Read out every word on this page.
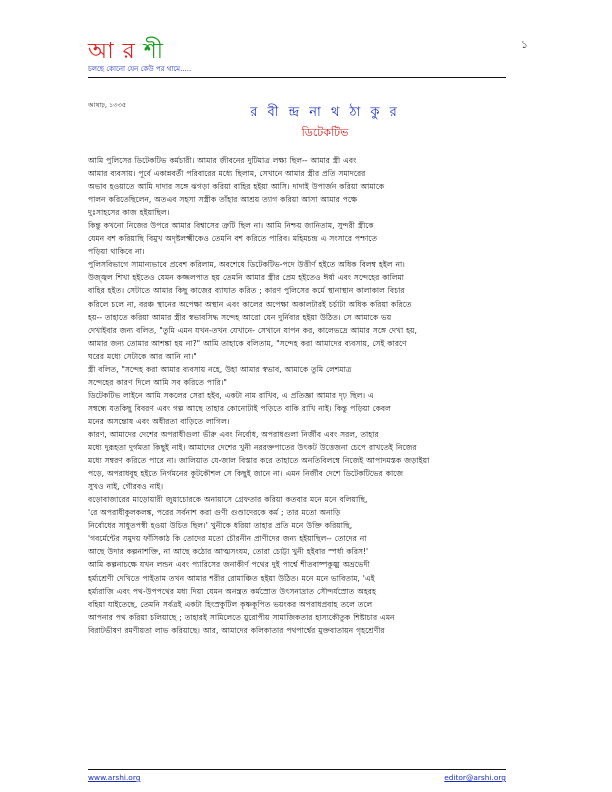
আ র শী
চলছে কোনো যেন কেউ পর থামে.....
১
আষাঢ়, ১৩৩৫	র বী ন্দ্র না থ ঠা কু র
ডিটেকটিভ

আমি পুলিসের ডিটেকটিভ কর্মচারী। আমার জীবনের দুটিমাত্র লক্ষ্য ছিল-- আমার স্ত্রী এবং
আমার ব্যবসায়। পূর্বে একান্নবর্তী পরিবারের মধ্যে ছিলাম, সেখানে আমার স্ত্রীর প্রতি সমাদরের
অভাব হওয়াতে আমি দাদার সঙ্গে ঝগড়া করিয়া বাহির হইয়া আসি। দাদাই উপার্জন করিয়া আমাকে
পালন করিতেছিলেন, অতএব সহসা সস্ত্রীক তাঁহার আশ্রয় ত্যাগ করিয়া আসা আমার পক্ষে
দুঃসাহসের কাজ হইয়াছিল।

কিন্তু কখনো নিজের উপরে আমার বিশ্বাসের ত্রুটি ছিল না। আমি নিশ্চয় জানিতাম, সুন্দরী স্ত্রীকে
যেমন বশ করিয়াছি বিমুখ অদৃষ্টলক্ষ্মীকেও তেমনি বশ করিতে পারিব। মহিমচন্দ্র এ সংসারে পশ্চাতে
পড়িয়া থাকিবে না।

পুলিসবিভাগে সামান্যভাবে প্রবেশ করিলাম, অবশেষে ডিটেকটিভ-পদে উত্তীর্ণ হইতে অধিক বিলম্ব হইল না।
উজ্জ্বল শিখা হইতেও যেমন কজ্জলপাত হয় তেমনি আমার স্ত্রীর প্রেম হইতেও ঈর্ষা এবং সন্দেহের কালিমা
বাহির হইত। সেটাতে আমার কিছু কাজের ব্যাঘাত করিত ; কারণ পুলিসের কর্মে স্থানাস্থান কালাকাল বিচার
করিলে চলে না, বরঞ্চ স্থানের অপেক্ষা অস্থান এবং কালের অপেক্ষা অকালটারই চর্চাটা অধিক করিয়া করিতে
হয়-- তাহাতে করিয়া আমার স্ত্রীর স্বভাবসিদ্ধ সন্দেহ আরো যেন দুর্নিবার হইয়া উঠিত। সে আমাকে ভয়
দেখাইবার জন্য বলিত, "তুমি এমন যখন-তখন যেখানে- সেখানে যাপন কর, কালেভদ্রে আমার সঙ্গে দেখা হয়,
আমার জন্য তোমার আশঙ্কা হয় না?" আমি তাহাকে বলিতাম, "সন্দেহ করা আমাদের ব্যবসায়, সেই কারণে
ঘরের মধ্যে সেটাকে আর আনি না।"

স্ত্রী বলিত, "সন্দেহ করা আমার ব্যবসায় নহে, উহা আমার স্বভাব, আমাকে তুমি লেশমাত্র
সন্দেহের কারণ দিলে আমি সব করিতে পারি।"

ডিটেকটিভ লাইনে আমি সকলের সেরা হইব, একটা নাম রাখিব, এ প্রতিজ্ঞা আমার দৃঢ় ছিল। এ
সম্বন্ধে যতকিছু বিবরণ এবং গল্প আছে তাহার কোনোটাই পড়িতে বাকি রাখি নাই। কিন্তু পড়িয়া কেবল
মনের অসন্তোষ এবং অধীরতা বাড়িতে লাগিল।

কারণ, আমাদের দেশের অপরাধীগুলা ভীরু এবং নির্বোধ, অপরাধগুলা নির্জীব এবং সরল, তাহার
মধ্যে দুরূহতা দুর্গমতা কিছুই নাই। আমাদের দেশের খুনী নররক্তপাতের উৎকট উত্তেজনা চেপে রাখতেই নিজের
মধ্যে সম্বরণ করিতে পারে না। জালিয়াত যে-জাল বিস্তার করে তাহাতে অনতিবিলম্বে নিজেই আপাদমস্তক জড়াইয়া
পড়ে, অপরাধবূহ হইতে নির্গমনের কূটকৌশল সে কিছুই জানে না। এমন নির্জীব দেশে ডিটেকটিভের কাজে
সুখও নাই, গৌরবও নাই।

বড়োবাজারের মাড়োয়ারী জুয়াচোরকে অনায়াসে গ্রেফতার করিয়া কতবার মনে মনে বলিয়াছি,
'রে অপরাধীকুলকলঙ্ক, পরের সর্বনাশ করা গুণী গুণ্ডাদেরকে কর্ম ; তার মতো অনাড়ি
নির্বোধের সাধুতপস্বী হওয়া উচিত ছিল।' খুনীকে ধরিয়া তাহার প্রতি মনে উক্তি করিয়াছি,
'গবর্মেন্টের সমুদয় ফাঁসিকাঠ কি তোদের মতো চৌরনীন প্রাণীদের জন্য হইয়াছিল-- তোদের না
আছে উদার কল্পনাশক্তি, না আছে কঠোর আত্মসংযম, তোরা চোট্টা খুনী হইবার স্পর্ধা করিস!'

আমি কল্পনাচক্ষে যখন লন্ডন এবং প্যারিসের জনাকীর্ণ পথের দুই পার্শ্বে শীতবাষ্পকুজ্ঝ অভ্রভেদী
হর্ম্যশ্রেণী দেখিতে পাইতাম তখন আমার শরীর রোমাঞ্চিত হইয়া উঠিত। মনে মনে ভাবিতাম, 'এই
হর্ম্যরাজি এবং পথ-উপপথের মধ্য দিয়া যেমন অনন্ত্রত কর্মস্রোত উৎসনাদ্রাত সৌন্দর্যস্রোত অহরহ
বহিয়া যাইতেছে, তেমনি সর্বত্রই একটা হিংস্রকুটিল কৃষ্ণকূপিত ভয়ংকর অপরাধপ্রবাহ তলে তলে
আপনার পথ করিয়া চলিয়াছে ; তাহারই সামিলেতে য়ুরোপীয় সামাজিকতার হাস্যকৌতুক শিষ্টাচার এমন
বিরাটভীষণ রমণীয়তা লাভ করিয়াছে। আর, আমাদের কলিকাতার পথপার্শ্বের মুক্তবাতায়ন গৃহশ্রেণীর

www.arshi.org	editor@arshi.org
